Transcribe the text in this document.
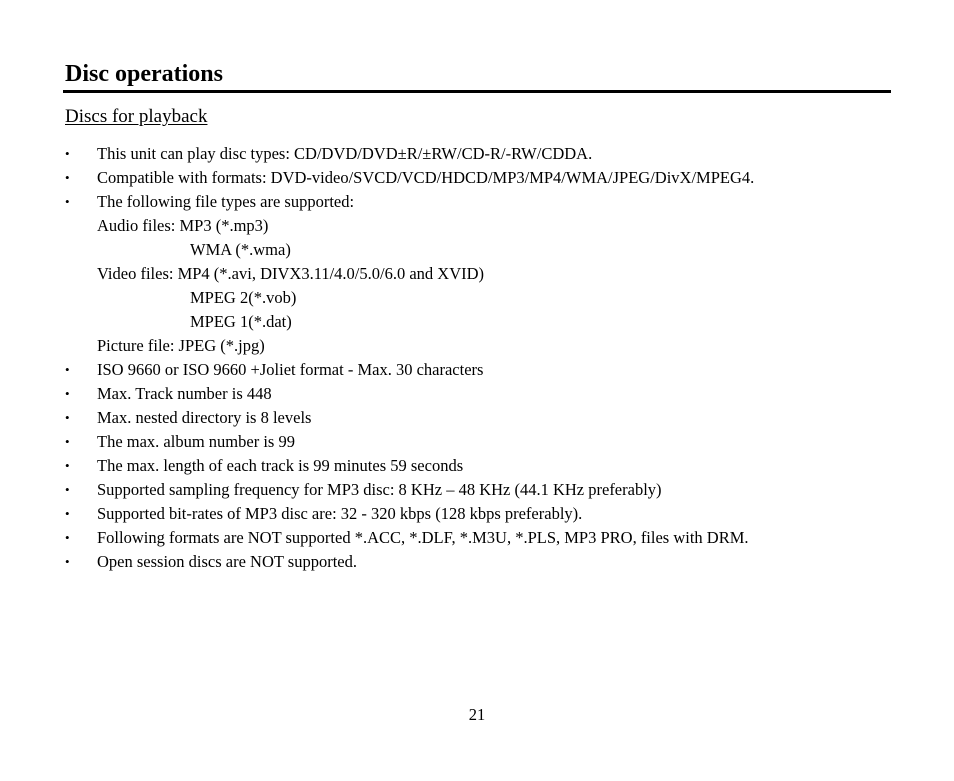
Disc operations
Discs for playback
• This unit can play disc types: CD/DVD/DVD±R/±RW/CD-R/-RW/CDDA.
• Compatible with formats: DVD-video/SVCD/VCD/HDCD/MP3/MP4/WMA/JPEG/DivX/MPEG4.
• The following file types are supported:
Audio files: MP3 (*.mp3)
WMA (*.wma)
Video files: MP4 (*.avi, DIVX3.11/4.0/5.0/6.0 and XVID)
MPEG 2(*.vob)
MPEG 1(*.dat)
Picture file: JPEG (*.jpg)
• ISO 9660 or ISO 9660 +Joliet format - Max. 30 characters
• Max. Track number is 448
• Max. nested directory is 8 levels
• The max. album number is 99
• The max. length of each track is 99 minutes 59 seconds
• Supported sampling frequency for MP3 disc: 8 KHz – 48 KHz (44.1 KHz preferably)
• Supported bit-rates of MP3 disc are: 32 - 320 kbps (128 kbps preferably).
• Following formats are NOT supported *.ACC, *.DLF, *.M3U, *.PLS, MP3 PRO, files with DRM.
• Open session discs are NOT supported.
21
